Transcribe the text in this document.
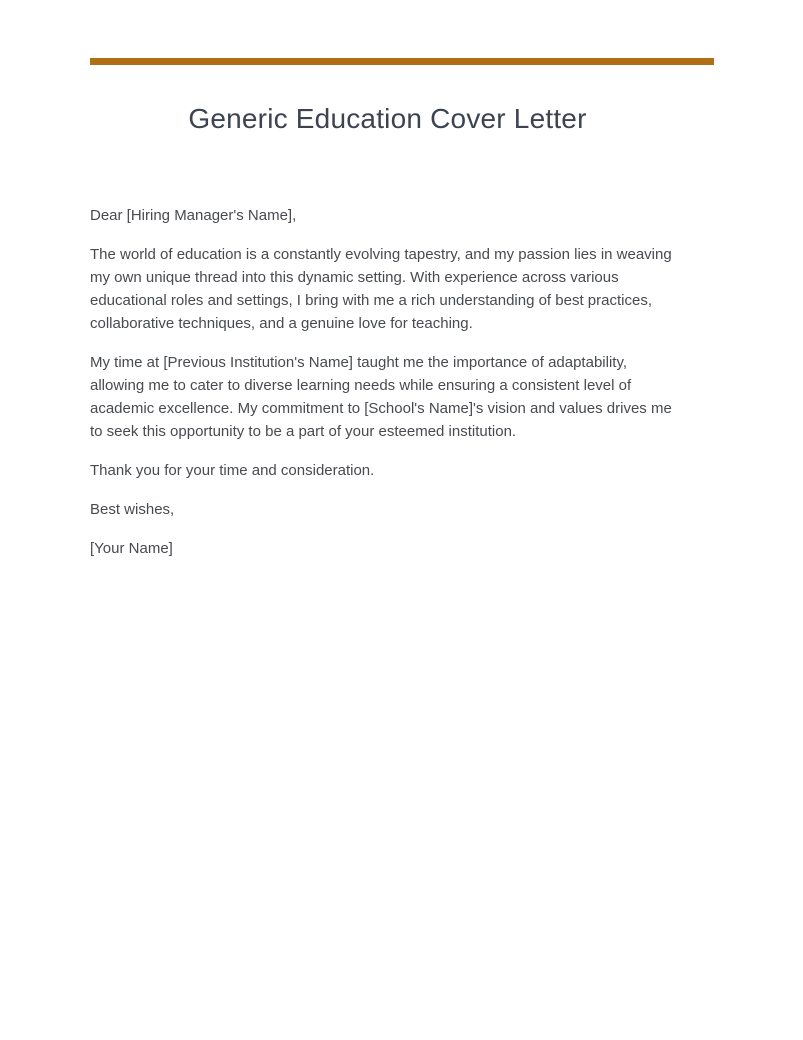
Generic Education Cover Letter

Dear [Hiring Manager's Name],

The world of education is a constantly evolving tapestry, and my passion lies in weaving my own unique thread into this dynamic setting. With experience across various educational roles and settings, I bring with me a rich understanding of best practices, collaborative techniques, and a genuine love for teaching.

My time at [Previous Institution's Name] taught me the importance of adaptability, allowing me to cater to diverse learning needs while ensuring a consistent level of academic excellence. My commitment to [School's Name]'s vision and values drives me to seek this opportunity to be a part of your esteemed institution.

Thank you for your time and consideration.

Best wishes,

[Your Name]
